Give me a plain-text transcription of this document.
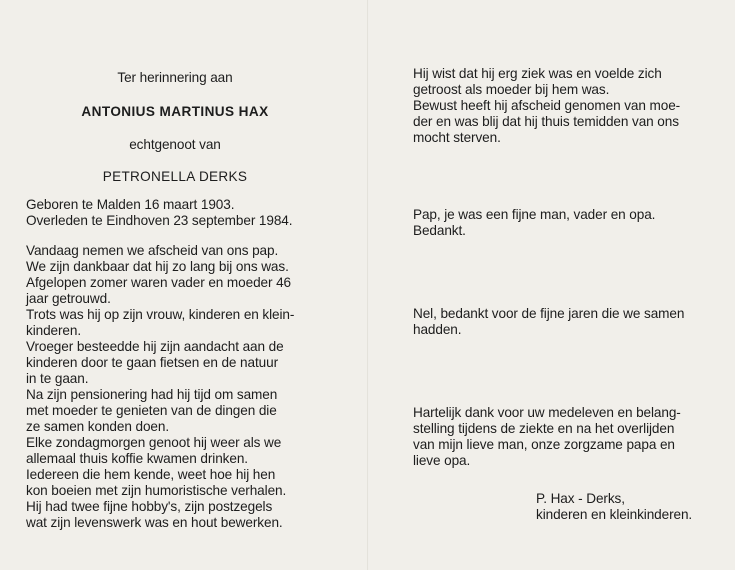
Ter herinnering aan
ANTONIUS MARTINUS HAX
echtgenoot van
PETRONELLA DERKS
Geboren te Malden 16 maart 1903.
Overleden te Eindhoven 23 september 1984.
Vandaag nemen we afscheid van ons pap.
We zijn dankbaar dat hij zo lang bij ons was.
Afgelopen zomer waren vader en moeder 46
jaar getrouwd.
Trots was hij op zijn vrouw, kinderen en klein-
kinderen.
Vroeger besteedde hij zijn aandacht aan de
kinderen door te gaan fietsen en de natuur
in te gaan.
Na zijn pensionering had hij tijd om samen
met moeder te genieten van de dingen die
ze samen konden doen.
Elke zondagmorgen genoot hij weer als we
allemaal thuis koffie kwamen drinken.
Iedereen die hem kende, weet hoe hij hen
kon boeien met zijn humoristische verhalen.
Hij had twee fijne hobby's, zijn postzegels
wat zijn levenswerk was en hout bewerken.
Hij wist dat hij erg ziek was en voelde zich
getroost als moeder bij hem was.
Bewust heeft hij afscheid genomen van moe-
der en was blij dat hij thuis temidden van ons
mocht sterven.
Pap, je was een fijne man, vader en opa.
Bedankt.
Nel, bedankt voor de fijne jaren die we samen
hadden.
Hartelijk dank voor uw medeleven en belang-
stelling tijdens de ziekte en na het overlijden
van mijn lieve man, onze zorgzame papa en
lieve opa.
P. Hax - Derks,
kinderen en kleinkinderen.
